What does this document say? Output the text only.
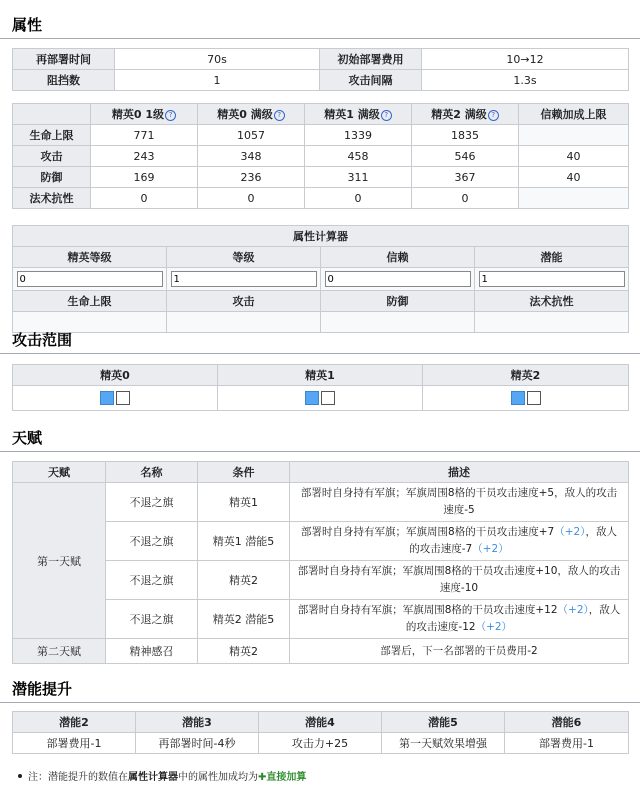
属性
再部署时间	70s	初始部署费用	10→12
阻挡数	1	攻击间隔	1.3s
	精英0 1级 ?	精英0 满级 ?	精英1 满级 ?	精英2 满级 ?	信赖加成上限
生命上限	771	1057	1339	1835	
攻击	243	348	458	546	40
防御	169	236	311	367	40
法术抗性	0	0	0	0	
属性计算器			
精英等级	等级	信赖	潜能
0	1	0	1
生命上限	攻击	防御	法术抗性

攻击范围
精英0	精英1	精英2

天赋
天赋	名称	条件	描述
第一天赋	不退之旗	精英1	部署时自身持有军旗；军旗周围8格的干员攻击速度+5，敌人的攻击速度-5
	不退之旗	精英1 潜能5	部署时自身持有军旗；军旗周围8格的干员攻击速度+7（+2），敌人的攻击速度-7（+2）
	不退之旗	精英2	部署时自身持有军旗；军旗周围8格的干员攻击速度+10，敌人的攻击速度-10
	不退之旗	精英2 潜能5	部署时自身持有军旗；军旗周围8格的干员攻击速度+12（+2），敌人的攻击速度-12（+2）
第二天赋	精神感召	精英2	部署后，下一名部署的干员费用-2
潜能提升
潜能2	潜能3	潜能4	潜能5	潜能6
部署费用-1	再部署时间-4秒	攻击力+25	第一天赋效果增强	部署费用-1
注：潜能提升的数值在属性计算器中的属性加成均为✚直接加算
